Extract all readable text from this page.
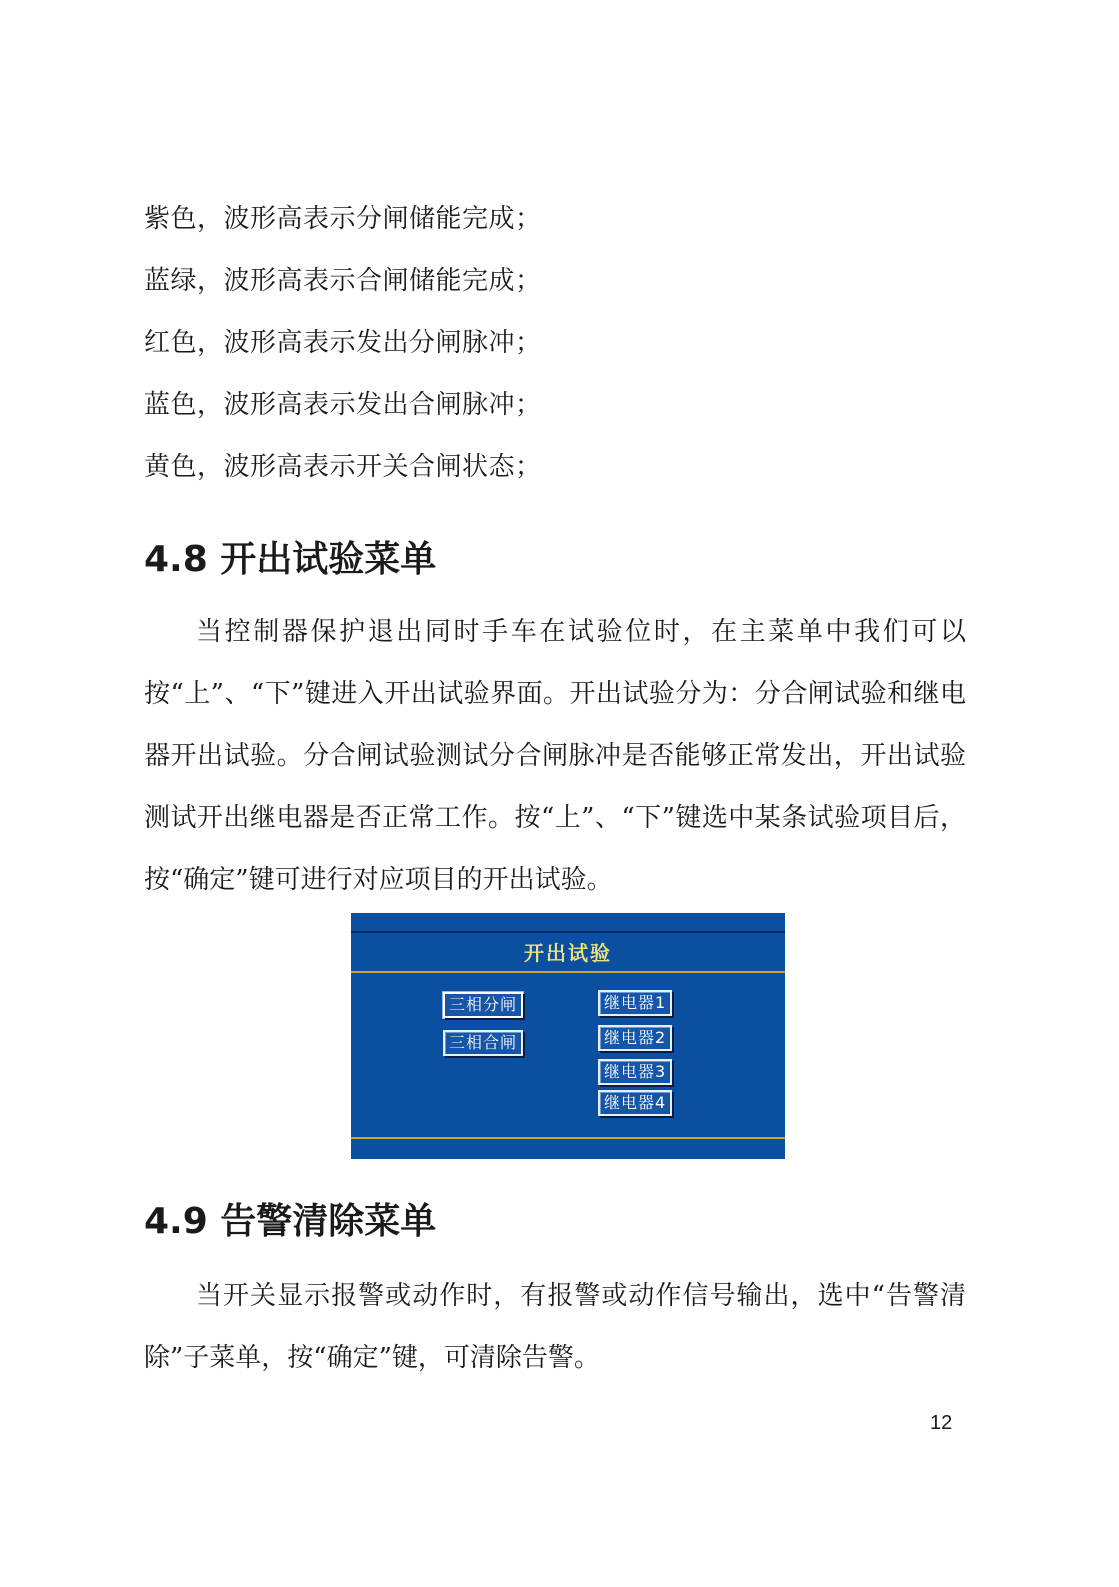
紫色，波形高表示分闸储能完成；
蓝绿，波形高表示合闸储能完成；
红色，波形高表示发出分闸脉冲；
蓝色，波形高表示发出合闸脉冲；
黄色，波形高表示开关合闸状态；
4.8 开出试验菜单
当控制器保护退出同时手车在试验位时，在主菜单中我们可以按“上”、“下”键进入开出试验界面。开出试验分为：分合闸试验和继电器开出试验。分合闸试验测试分合闸脉冲是否能够正常发出，开出试验测试开出继电器是否正常工作。按“上”、“下”键选中某条试验项目后，按“确定”键可进行对应项目的开出试验。
开出试验
三相分闸
三相合闸
继电器1
继电器2
继电器3
继电器4
4.9 告警清除菜单
当开关显示报警或动作时，有报警或动作信号输出，选中“告警清除”子菜单，按“确定”键，可清除告警。
12
